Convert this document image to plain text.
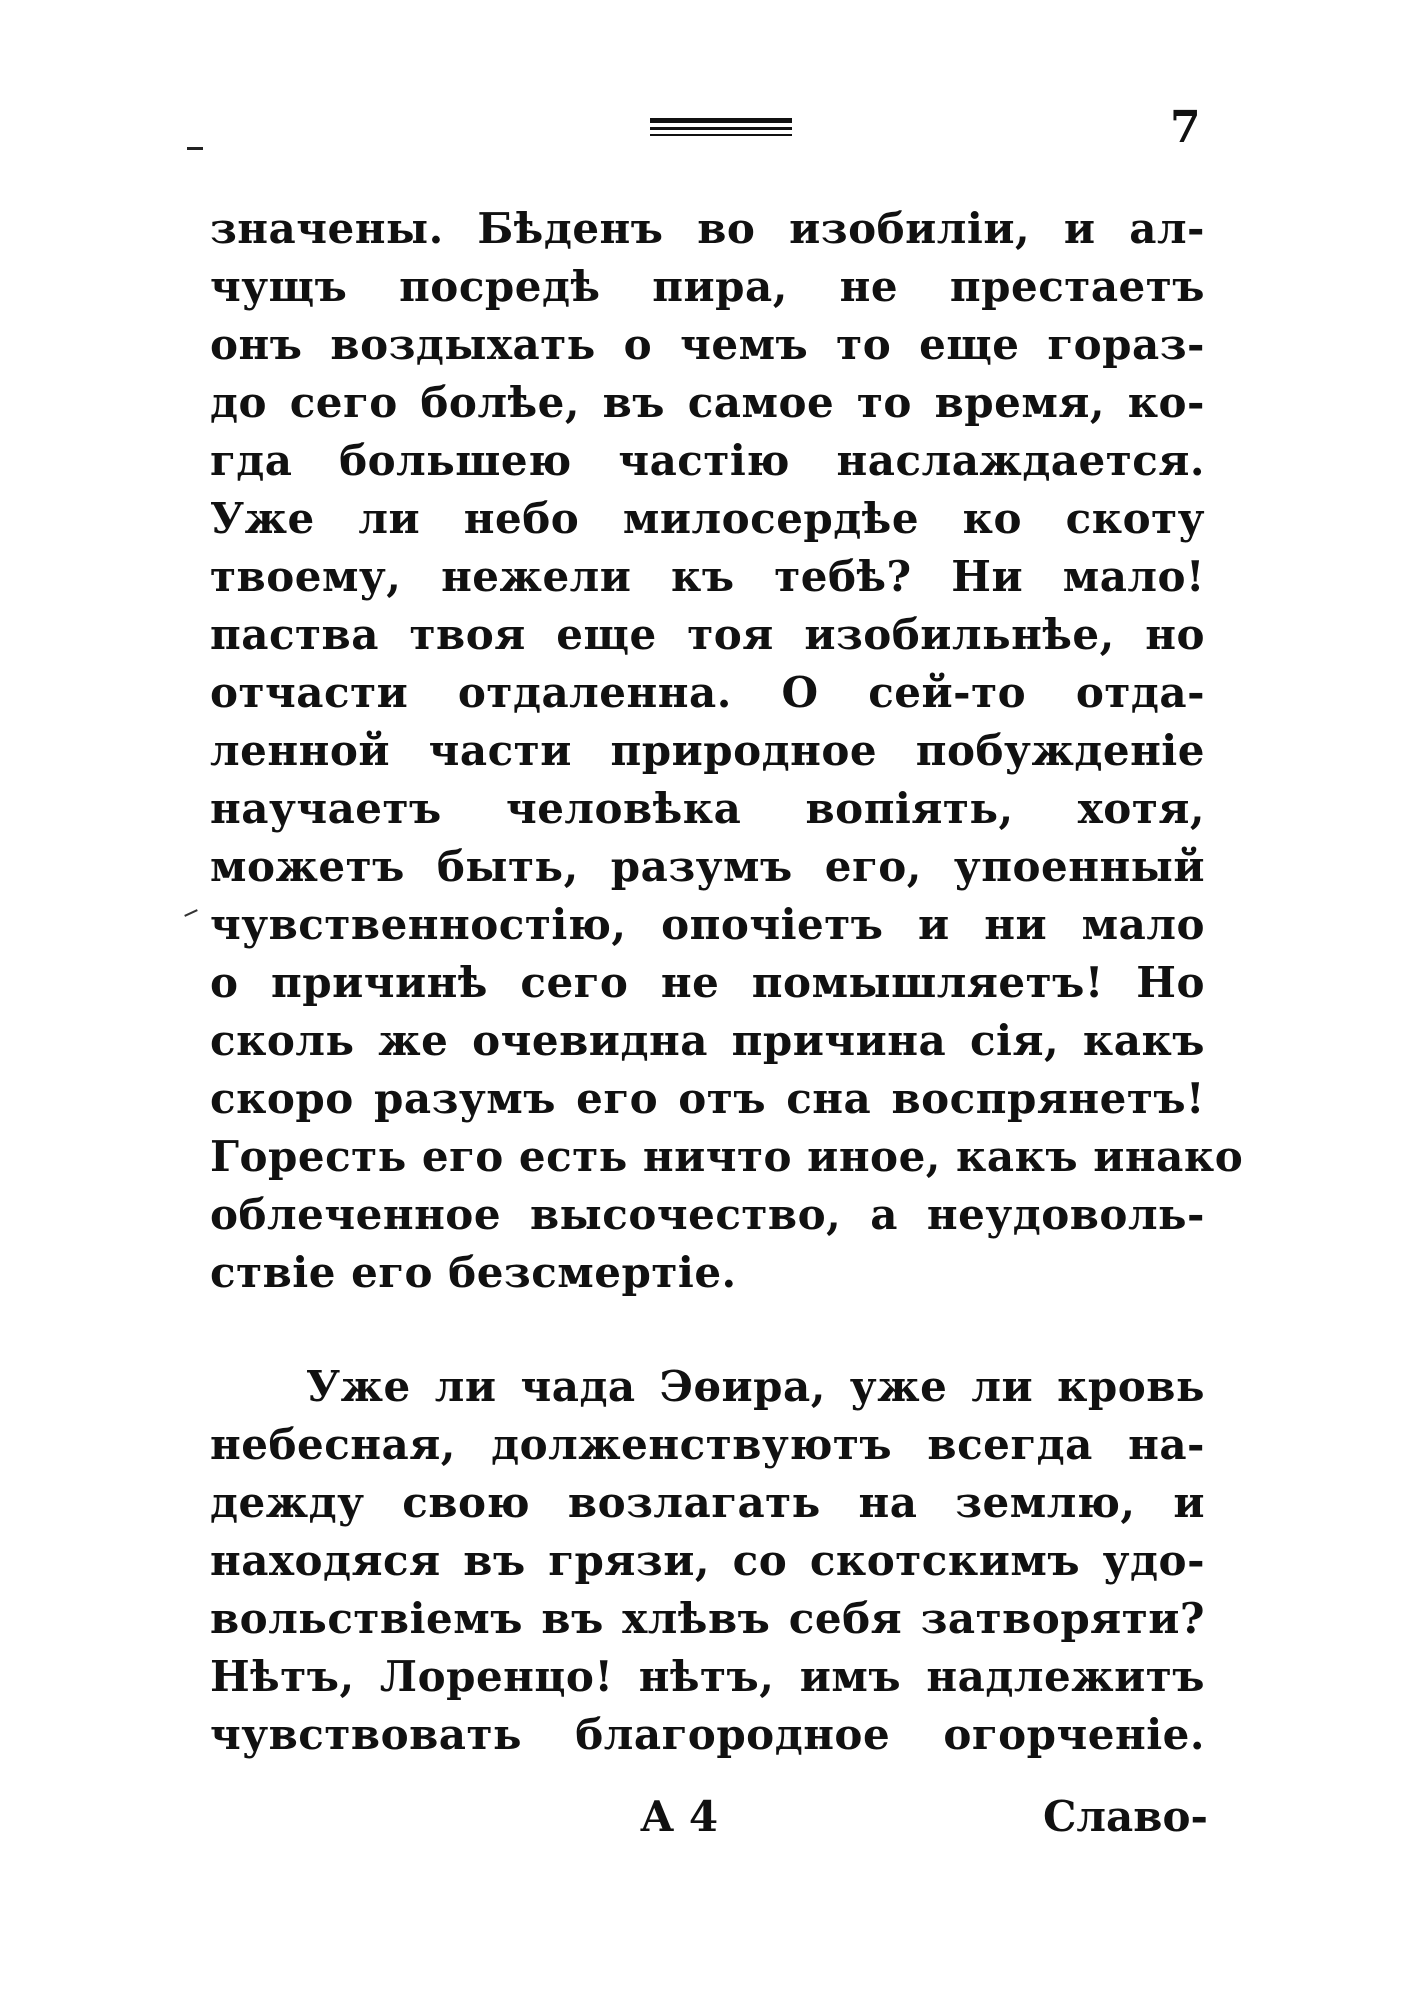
7
значены. Бѣденъ во изобиліи, и ал-
чущъ посредѣ пира, не престаетъ
онъ воздыхать о чемъ то еще гораз-
до сего болѣе, въ самое то время, ко-
гда большею частію наслаждается.
Уже ли небо милосердѣе ко скоту
твоему, нежели къ тебѣ? Ни мало!
паства твоя еще тоя изобильнѣе, но
отчасти отдаленна. О сей-то отда-
ленной части природное побужденіе
научаетъ человѣка вопіять, хотя,
можетъ быть, разумъ его, упоенный
чувственностію, опочіетъ и ни мало
о причинѣ сего не помышляетъ! Но
сколь же очевидна причина сія, какъ
скоро разумъ его отъ сна воспрянетъ!
Горесть его есть ничто иное, какъ инако
облеченное высочество, а неудоволь-
ствіе его безсмертіе.
Уже ли чада Эѳира, уже ли кровь
небесная, долженствуютъ всегда на-
дежду свою возлагать на землю, и
находяся въ грязи, со скотскимъ удо-
вольствіемъ въ хлѣвъ себя затворяти?
Нѣтъ, Лоренцо! нѣтъ, имъ надлежитъ
чувствовать благородное огорченіе.
А 4	Славо-
